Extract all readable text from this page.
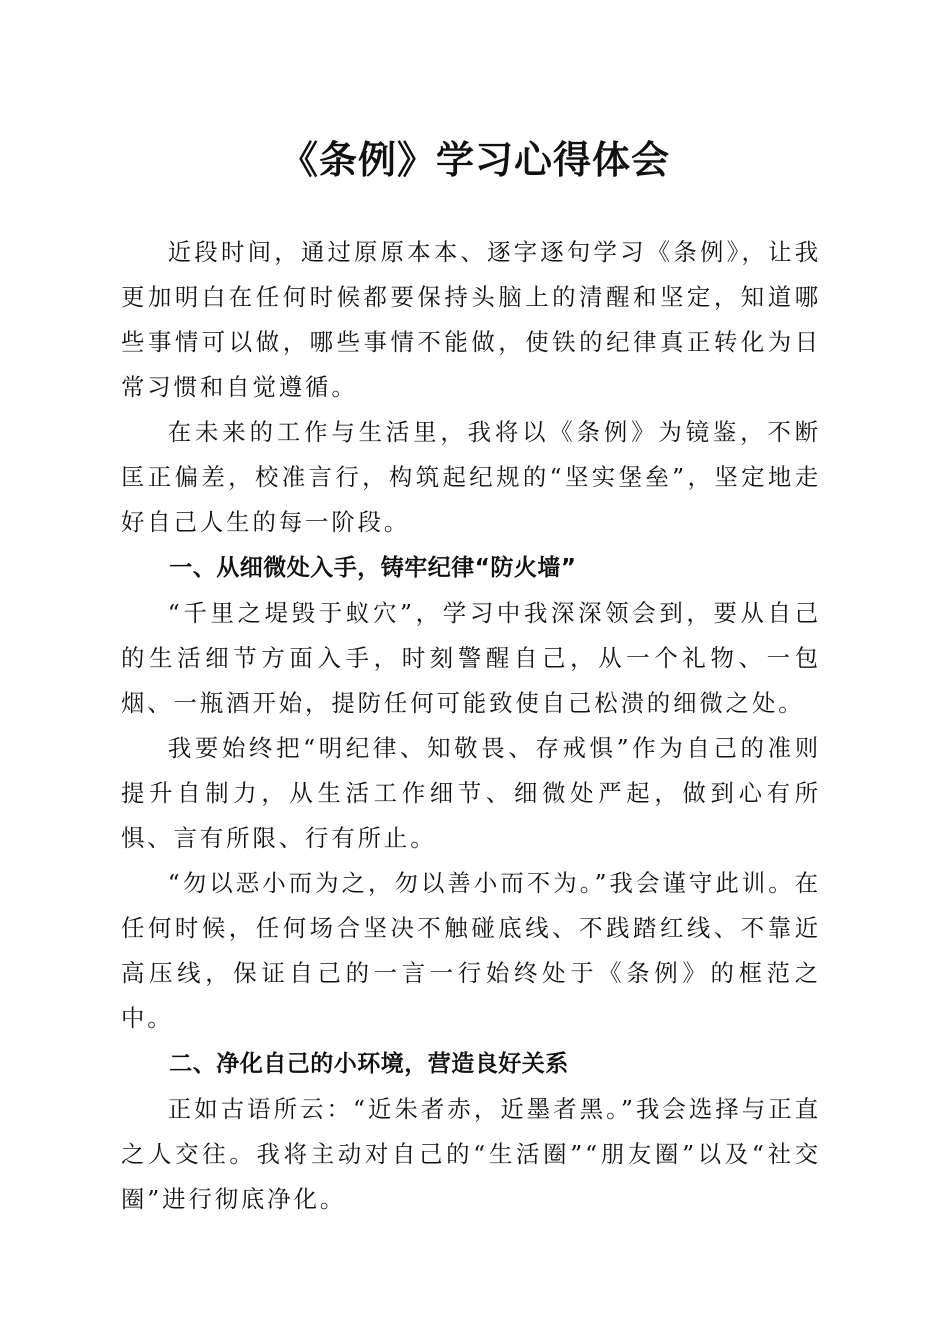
《条例》学习心得体会

近段时间，通过原原本本、逐字逐句学习《条例》，让我更加明白在任何时候都要保持头脑上的清醒和坚定，知道哪些事情可以做，哪些事情不能做，使铁的纪律真正转化为日常习惯和自觉遵循。

在未来的工作与生活里，我将以《条例》为镜鉴，不断匡正偏差，校准言行，构筑起纪规的“坚实堡垒”，坚定地走好自己人生的每一阶段。

一、从细微处入手，铸牢纪律“防火墙”

“千里之堤毁于蚁穴”，学习中我深深领会到，要从自己的生活细节方面入手，时刻警醒自己，从一个礼物、一包烟、一瓶酒开始，提防任何可能致使自己松溃的细微之处。

我要始终把“明纪律、知敬畏、存戒惧”作为自己的准则提升自制力，从生活工作细节、细微处严起，做到心有所惧、言有所限、行有所止。

“勿以恶小而为之，勿以善小而不为。”我会谨守此训。在任何时候，任何场合坚决不触碰底线、不践踏红线、不靠近高压线，保证自己的一言一行始终处于《条例》的框范之中。

二、净化自己的小环境，营造良好关系

正如古语所云：“近朱者赤，近墨者黑。”我会选择与正直之人交往。我将主动对自己的“生活圈”“朋友圈”以及“社交圈”进行彻底净化。
